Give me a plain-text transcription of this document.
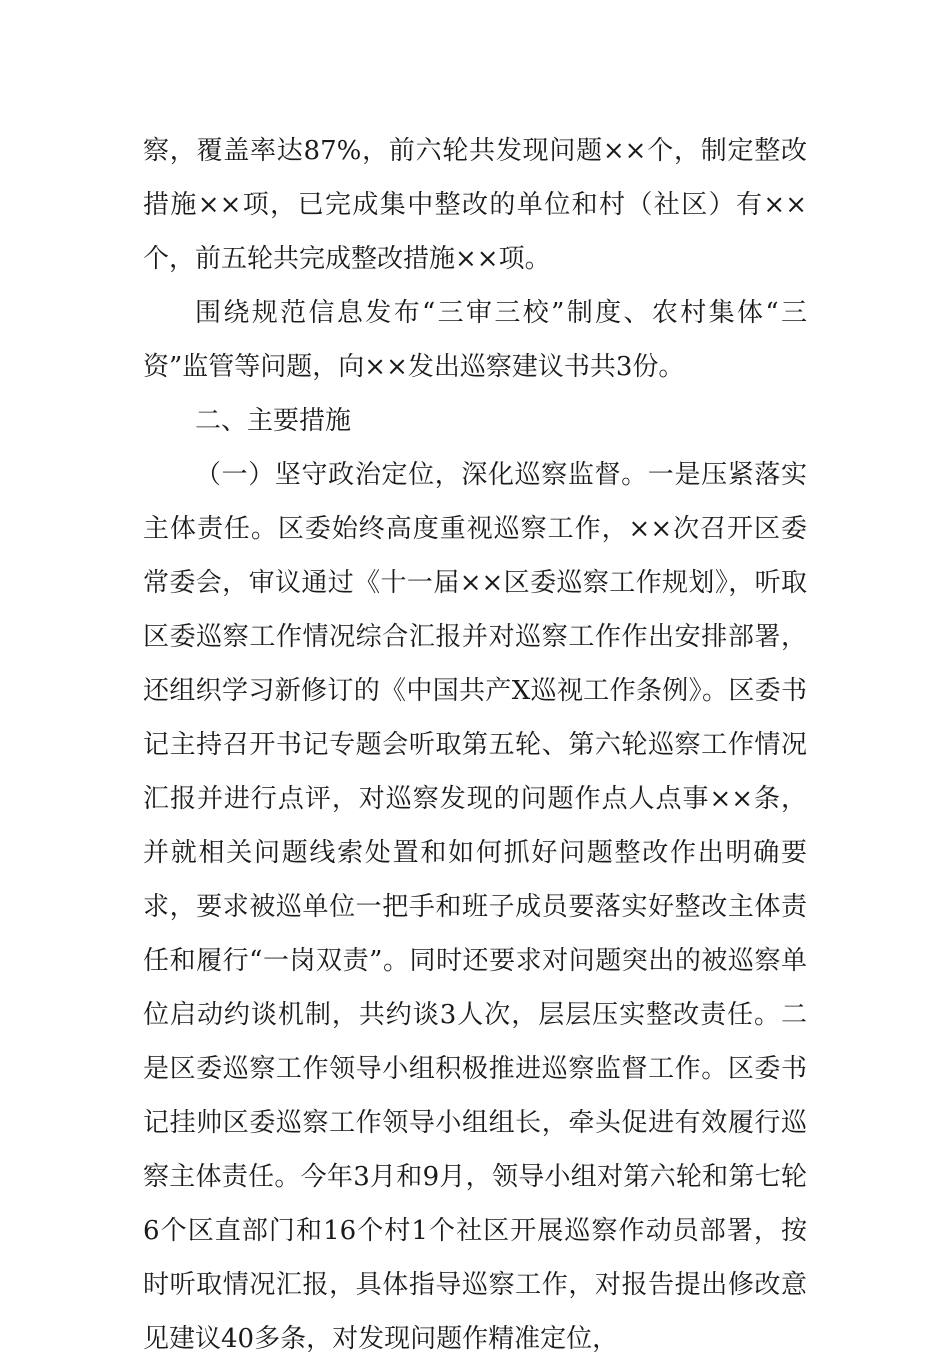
察，覆盖率达87%，前六轮共发现问题××个，制定整改措施××项，已完成集中整改的单位和村（社区）有××个，前五轮共完成整改措施××项。

围绕规范信息发布“三审三校”制度、农村集体“三资”监管等问题，向××发出巡察建议书共3份。

二、主要措施

（一）坚守政治定位，深化巡察监督。一是压紧落实主体责任。区委始终高度重视巡察工作，××次召开区委常委会，审议通过《十一届××区委巡察工作规划》，听取区委巡察工作情况综合汇报并对巡察工作作出安排部署，还组织学习新修订的《中国共产X巡视工作条例》。区委书记主持召开书记专题会听取第五轮、第六轮巡察工作情况汇报并进行点评，对巡察发现的问题作点人点事××条，并就相关问题线索处置和如何抓好问题整改作出明确要求，要求被巡单位一把手和班子成员要落实好整改主体责任和履行“一岗双责”。同时还要求对问题突出的被巡察单位启动约谈机制，共约谈3人次，层层压实整改责任。二是区委巡察工作领导小组积极推进巡察监督工作。区委书记挂帅区委巡察工作领导小组组长，牵头促进有效履行巡察主体责任。今年3月和9月，领导小组对第六轮和第七轮6个区直部门和16个村1个社区开展巡察作动员部署，按时听取情况汇报，具体指导巡察工作，对报告提出修改意见建议40多条，对发现问题作精准定位，
